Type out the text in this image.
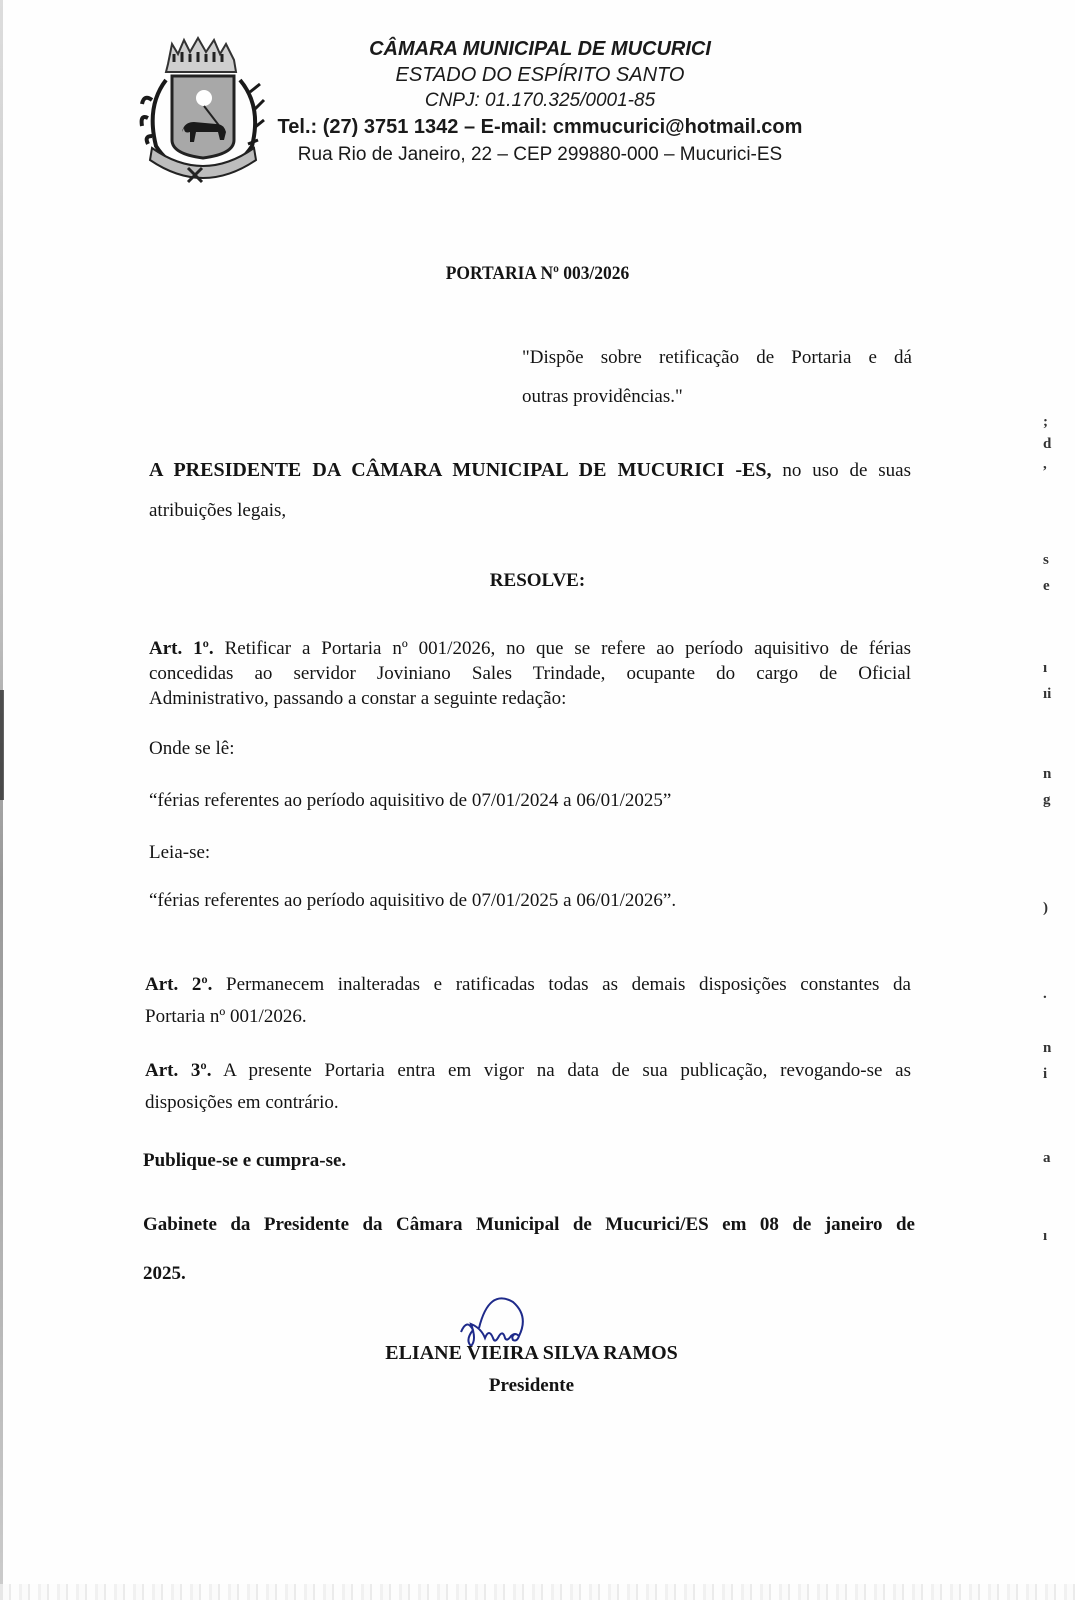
CÂMARA MUNICIPAL DE MUCURICI
ESTADO DO ESPÍRITO SANTO
CNPJ: 01.170.325/0001-85
Tel.: (27) 3751 1342 – E-mail: cmmucurici@hotmail.com
Rua Rio de Janeiro, 22 – CEP 299880-000 – Mucurici-ES
PORTARIA Nº 003/2026
"Dispõe sobre retificação de Portaria e dá
outras providências."
A PRESIDENTE DA CÂMARA MUNICIPAL DE MUCURICI -ES, no uso de suas
atribuições legais,
RESOLVE:
Art. 1º. Retificar a Portaria nº 001/2026, no que se refere ao período aquisitivo de férias
concedidas ao servidor Joviniano Sales Trindade, ocupante do cargo de Oficial
Administrativo, passando a constar a seguinte redação:
Onde se lê:
“férias referentes ao período aquisitivo de 07/01/2024 a 06/01/2025”
Leia-se:
“férias referentes ao período aquisitivo de 07/01/2025 a 06/01/2026”.
Art. 2º. Permanecem inalteradas e ratificadas todas as demais disposições constantes da
Portaria nº 001/2026.
Art. 3º. A presente Portaria entra em vigor na data de sua publicação, revogando-se as
disposições em contrário.
Publique-se e cumpra-se.
Gabinete da Presidente da Câmara Municipal de Mucurici/ES em 08 de janeiro de
2025.
ELIANE VIEIRA SILVA RAMOS
Presidente
;
d
,
s
e
ı
ıi
n
g
)
.
n
i
a
ı
